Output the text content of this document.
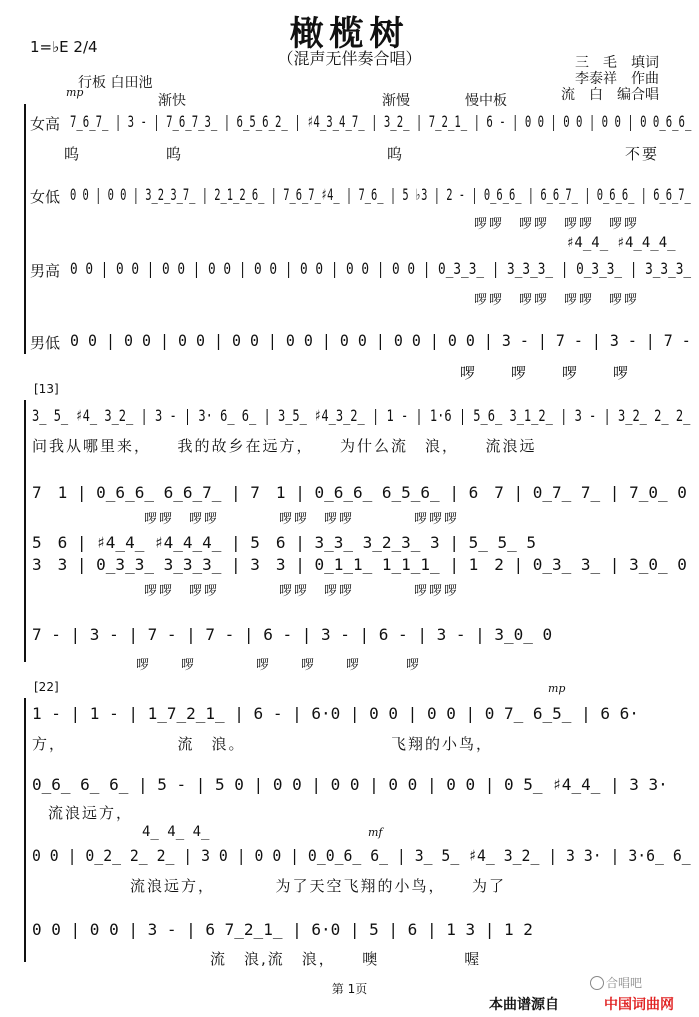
橄榄树
（混声无伴奏合唱）
1=♭E 2/4
三　毛　填词
李泰祥　作曲
流　白　编合唱
行板 白田池
mp
渐快	渐慢	慢中板
女高 7̲6̲7̲ | 3 - | 7̲6̲7̲3̲ | 6̲5̲6̲2̲ | ♯4̲3̲4̲7̲ | 3̲2̲ | 7̲2̲1̲ | 6 - | 0 0 | 0 0 | 0 0 | 0 0̲6̲6̲
呜　　　　　呜　　　　　　　　　　　　呜　　　　　　　　　　　　　不要
女低 0 0 | 0 0 | 3̲2̲3̲7̲ | 2̲1̲2̲6̲ | 7̲6̲7̲♯4̲ | 7̲6̲ | 5 ♭3 | 2 - | 0̲6̲6̲ | 6̲6̲7̲ | 0̲6̲6̲ | 6̲6̲7̲
啰啰　啰啰　啰啰　啰啰
♯4̲4̲ ♯4̲4̲4̲
男高 0 0 | 0 0 | 0 0 | 0 0 | 0 0 | 0 0 | 0 0 | 0 0 | 0̲3̲3̲ | 3̲3̲3̲ | 0̲3̲3̲ | 3̲3̲3̲
啰啰　啰啰　啰啰　啰啰
男低 0 0 | 0 0 | 0 0 | 0 0 | 0 0 | 0 0 | 0 0 | 0 0 | 3 - | 7 - | 3 - | 7 -
啰　　啰　　啰　　啰
[13]
3̲ 5̲ ♯4̲ 3̲2̲ | 3 - | 3· 6̲ 6̲ | 3̲5̲ ♯4̲3̲2̲ | 1 - | 1·6 | 5̲6̲ 3̲1̲2̲ | 3 - | 3̲2̲ 2̲ 2̲
问我从哪里来，　　我的故乡在远方，　　为什么流　浪，　　流浪远
7　1 | 0̲6̲6̲ 6̲6̲7̲ | 7　1 | 0̲6̲6̲ 6̲5̲6̲ | 6　7 | 0̲7̲ 7̲ | 7̲0̲ 0
啰啰　啰啰　　　　啰啰　啰啰　　　　啰啰啰
5　6 | ♯4̲4̲ ♯4̲4̲4̲ | 5　6 | 3̲3̲ 3̲2̲3̲ 3 | 5̲ 5̲ 5
3　3 | 0̲3̲3̲ 3̲3̲3̲ | 3　3 | 0̲1̲1̲ 1̲1̲1̲ | 1　2 | 0̲3̲ 3̲ | 3̲0̲ 0
啰啰　啰啰　　　　啰啰　啰啰　　　　啰啰啰
7 - | 3 - | 7 - | 7 - | 6 - | 3 - | 6 - | 3 - | 3̲0̲ 0
啰　　啰　　　　啰　　啰　　啰　　　啰
[22]	mp
1 - | 1 - | 1̲7̲2̲1̲ | 6 - | 6·0 | 0 0 | 0 0 | 0 7̲ 6̲5̲ | 6 6·
方，　　　　　　　流　浪。　　　　　　　　　飞翔的小鸟，
0̲6̲ 6̲ 6̲ | 5 - | 5 0 | 0 0 | 0 0 | 0 0 | 0 0 | 0 5̲ ♯4̲4̲ | 3 3·
流浪远方，
mf
4̲ 4̲ 4̲
0 0 | 0̲2̲ 2̲ 2̲ | 3 0 | 0 0 | 0̲0̲6̲ 6̲ | 3̲ 5̲ ♯4̲ 3̲2̲ | 3 3· | 3·6̲ 6̲
流浪远方，　　　　为了天空飞翔的小鸟，　　为了
0 0 | 0 0 | 3 - | 6 7̲2̲1̲ | 6·0 | 5 | 6 | 1 3 | 1 2
流　浪,流　浪，　　噢　　　　　喔
第 1页	合唱吧
本曲谱源自	中国词曲网
